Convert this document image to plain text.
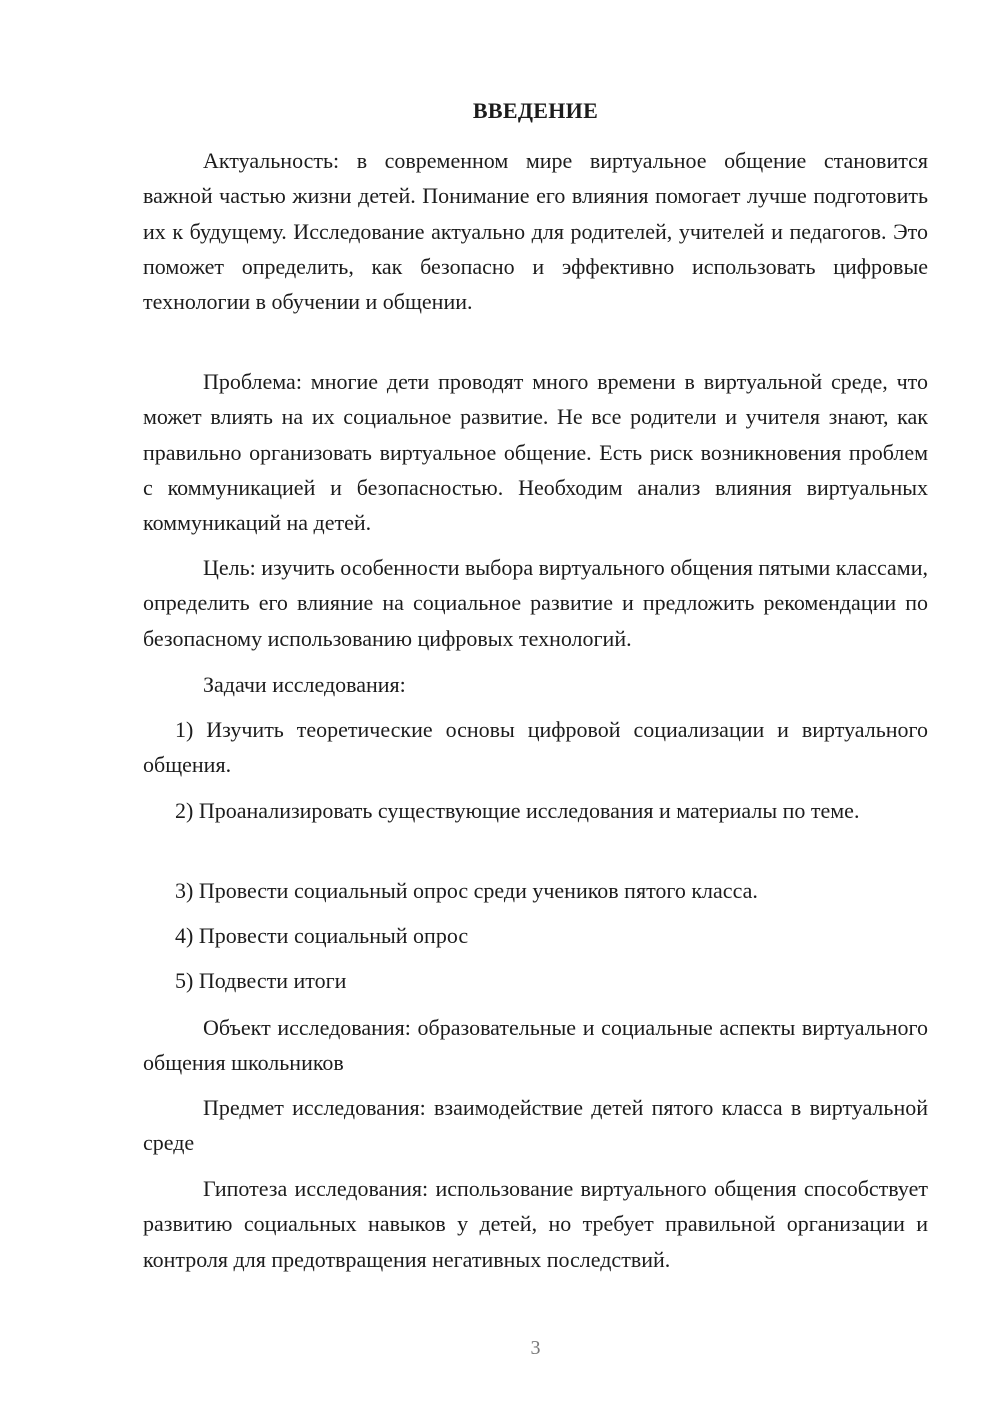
ВВЕДЕНИЕ

Актуальность: в современном мире виртуальное общение становится важной частью жизни детей. Понимание его влияния помогает лучше подготовить их к будущему. Исследование актуально для родителей, учителей и педагогов. Это поможет определить, как безопасно и эффективно использовать цифровые технологии в обучении и общении.

Проблема: многие дети проводят много времени в виртуальной среде, что может влиять на их социальное развитие. Не все родители и учителя знают, как правильно организовать виртуальное общение. Есть риск возникновения проблем с коммуникацией и безопасностью. Необходим анализ влияния виртуальных коммуникаций на детей.

Цель: изучить особенности выбора виртуального общения пятыми классами, определить его влияние на социальное развитие и предложить рекомендации по безопасному использованию цифровых технологий.

Задачи исследования:

1) Изучить теоретические основы цифровой социализации и виртуального общения.

2) Проанализировать существующие исследования и материалы по теме.

3) Провести социальный опрос среди учеников пятого класса.

4) Провести социальный опрос

5) Подвести итоги

Объект исследования: образовательные и социальные аспекты виртуального общения школьников

Предмет исследования: взаимодействие детей пятого класса в виртуальной среде

Гипотеза исследования: использование виртуального общения способствует развитию социальных навыков у детей, но требует правильной организации и контроля для предотвращения негативных последствий.

3
